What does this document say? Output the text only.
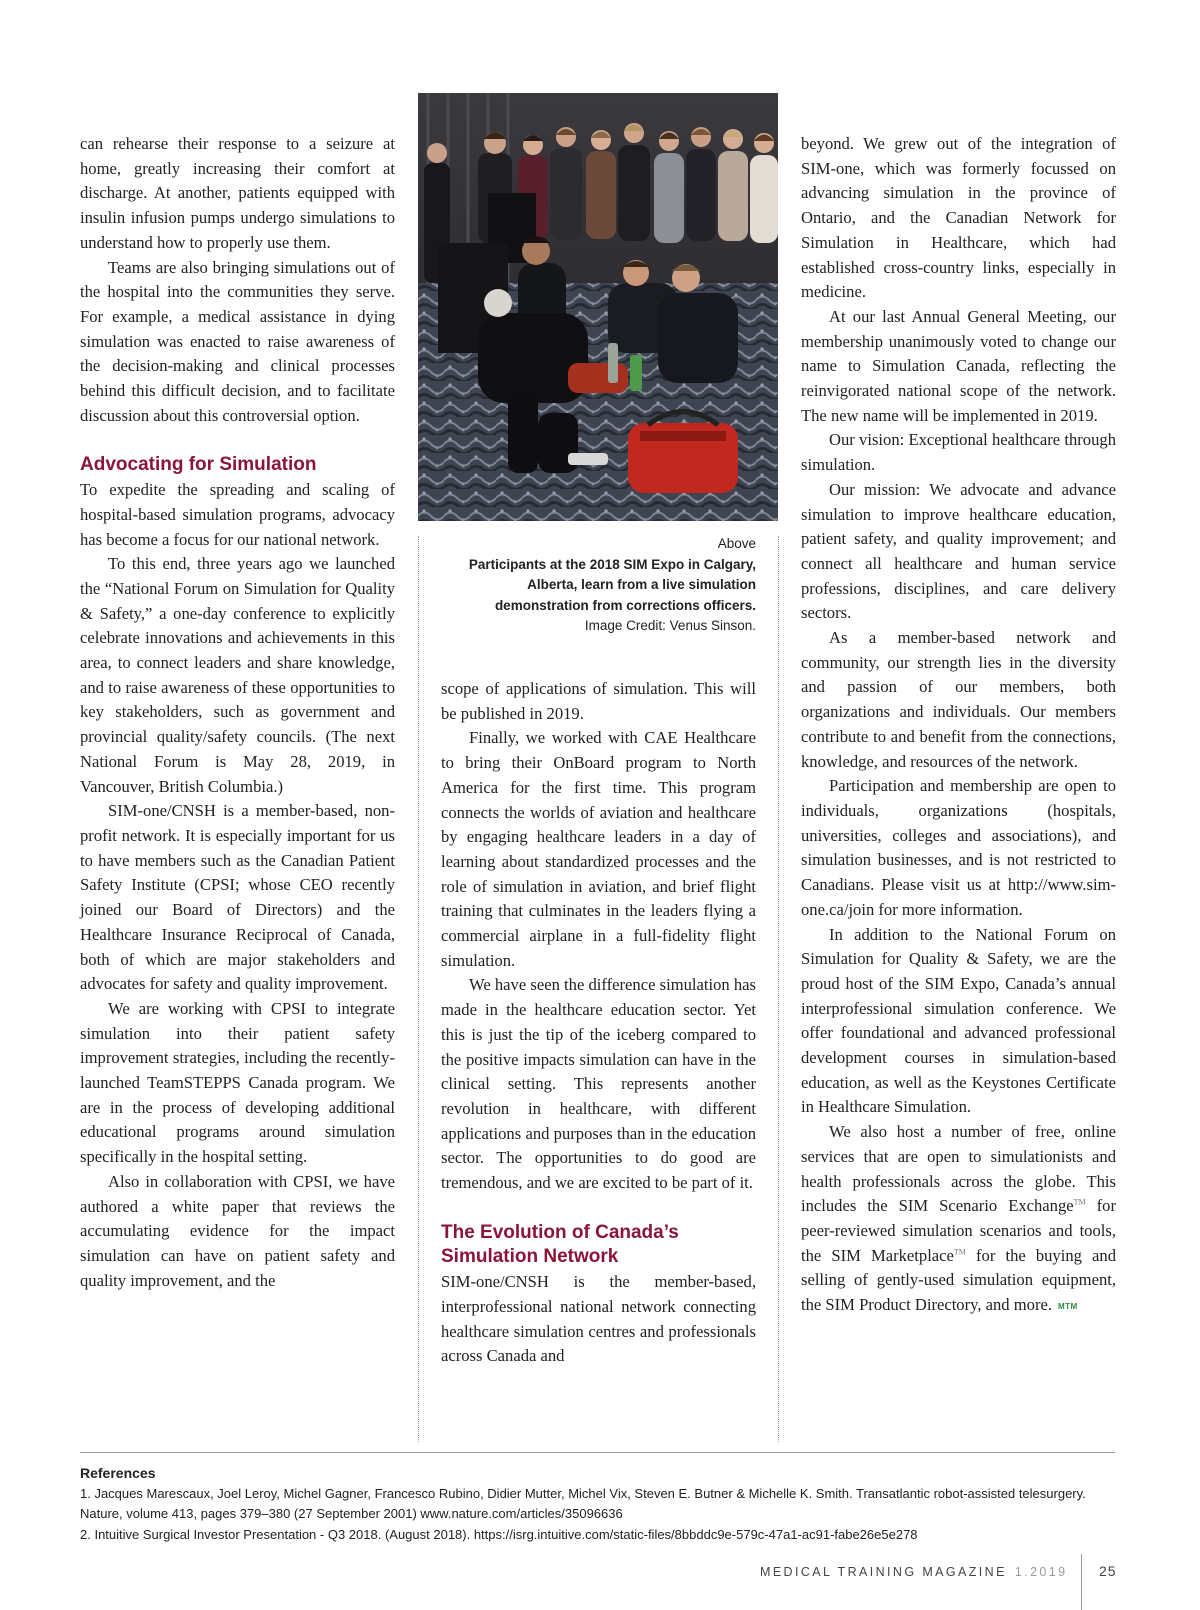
can rehearse their response to a seizure at home, greatly increasing their comfort at discharge. At another, patients equipped with insulin infusion pumps undergo simulations to understand how to properly use them.

Teams are also bringing simulations out of the hospital into the communities they serve. For example, a medical assistance in dying simulation was enacted to raise awareness of the decision-making and clinical processes behind this difficult decision, and to facilitate discussion about this controversial option.

Advocating for Simulation

To expedite the spreading and scaling of hospital-based simulation programs, advocacy has become a focus for our national network.

To this end, three years ago we launched the “National Forum on Simulation for Quality & Safety,” a one-day conference to explicitly celebrate innovations and achievements in this area, to connect leaders and share knowledge, and to raise awareness of these opportunities to key stakeholders, such as government and provincial quality/safety councils. (The next National Forum is May 28, 2019, in Vancouver, British Columbia.)

SIM-one/CNSH is a member-based, non-profit network. It is especially important for us to have members such as the Canadian Patient Safety Institute (CPSI; whose CEO recently joined our Board of Directors) and the Healthcare Insurance Reciprocal of Canada, both of which are major stakeholders and advocates for safety and quality improvement.

We are working with CPSI to integrate simulation into their patient safety improvement strategies, including the recently-launched TeamSTEPPS Canada program. We are in the process of developing additional educational programs around simulation specifically in the hospital setting.

Also in collaboration with CPSI, we have authored a white paper that reviews the accumulating evidence for the impact simulation can have on patient safety and quality improvement, and the

Above
Participants at the 2018 SIM Expo in Calgary, Alberta, learn from a live simulation demonstration from corrections officers.
Image Credit: Venus Sinson.

scope of applications of simulation. This will be published in 2019.

Finally, we worked with CAE Healthcare to bring their OnBoard program to North America for the first time. This program connects the worlds of aviation and healthcare by engaging healthcare leaders in a day of learning about standardized processes and the role of simulation in aviation, and brief flight training that culminates in the leaders flying a commercial airplane in a full-fidelity flight simulation.

We have seen the difference simulation has made in the healthcare education sector. Yet this is just the tip of the iceberg compared to the positive impacts simulation can have in the clinical setting. This represents another revolution in healthcare, with different applications and purposes than in the education sector. The opportunities to do good are tremendous, and we are excited to be part of it.

The Evolution of Canada’s Simulation Network

SIM-one/CNSH is the member-based, interprofessional national network connecting healthcare simulation centres and professionals across Canada and

beyond. We grew out of the integration of SIM-one, which was formerly focussed on advancing simulation in the province of Ontario, and the Canadian Network for Simulation in Healthcare, which had established cross-country links, especially in medicine.

At our last Annual General Meeting, our membership unanimously voted to change our name to Simulation Canada, reflecting the reinvigorated national scope of the network. The new name will be implemented in 2019.

Our vision: Exceptional healthcare through simulation.

Our mission: We advocate and advance simulation to improve healthcare education, patient safety, and quality improvement; and connect all healthcare and human service professions, disciplines, and care delivery sectors.

As a member-based network and community, our strength lies in the diversity and passion of our members, both organizations and individuals. Our members contribute to and benefit from the connections, knowledge, and resources of the network.

Participation and membership are open to individuals, organizations (hospitals, universities, colleges and associations), and simulation businesses, and is not restricted to Canadians. Please visit us at http://www.sim-one.ca/join for more information.

In addition to the National Forum on Simulation for Quality & Safety, we are the proud host of the SIM Expo, Canada’s annual interprofessional simulation conference. We offer foundational and advanced professional development courses in simulation-based education, as well as the Keystones Certificate in Healthcare Simulation.

We also host a number of free, online services that are open to simulationists and health professionals across the globe. This includes the SIM Scenario Exchange™ for peer-reviewed simulation scenarios and tools, the SIM Marketplace™ for the buying and selling of gently-used simulation equipment, the SIM Product Directory, and more. MTM

References
1. Jacques Marescaux, Joel Leroy, Michel Gagner, Francesco Rubino, Didier Mutter, Michel Vix, Steven E. Butner & Michelle K. Smith. Transatlantic robot-assisted telesurgery. Nature, volume 413, pages 379–380 (27 September 2001) www.nature.com/articles/35096636
2. Intuitive Surgical Investor Presentation - Q3 2018. (August 2018). https://isrg.intuitive.com/static-files/8bbddc9e-579c-47a1-ac91-fabe26e5e278
MEDICAL TRAINING MAGAZINE 1.2019 25
